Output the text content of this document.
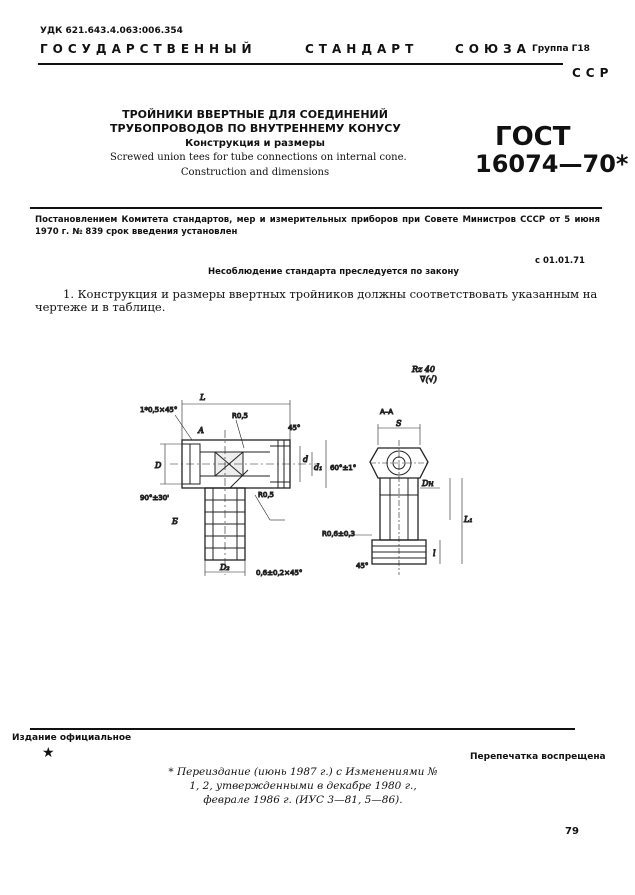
УДК 621.643.4.063:006.354
ГОСУДАРСТВЕННЫЙ	СТАНДАРТ	СОЮЗА
ССР
Группа Г18
ТРОЙНИКИ ВВЕРТНЫЕ ДЛЯ СОЕДИНЕНИЙ
ТРУБОПРОВОДОВ ПО ВНУТРЕННЕМУ КОНУСУ
Конструкция и размеры
Screwed union tees for tube connections on internal cone.
Construction and dimensions
ГОСТ
16074—70*
Постановлением Комитета стандартов, мер и измерительных приборов при Совете Министров СССР от 5 июня 1970 г. № 839 срок введения установлен
с 01.01.71
Несоблюдение стандарта преследуется по закону
1. Конструкция и размеры ввертных тройников должны соответствовать указанным на чертеже и в таблице.
Rz 40
∇(√)
L
1*0,5×45°
R0,5
45°
D
d
d₁ 60°±1°
90°±30'	R0,5
Б
D₂
0,6±0,2×45°
А–А
S
Dн
L₁
R0,6±0,3
А
45°
l
Издание официальное
★	Перепечатка воспрещена
* Переиздание (июнь 1987 г.) с Изменениями № 1, 2, утвержденными в декабре 1980 г., феврале 1986 г. (ИУС 3—81, 5—86).
79
